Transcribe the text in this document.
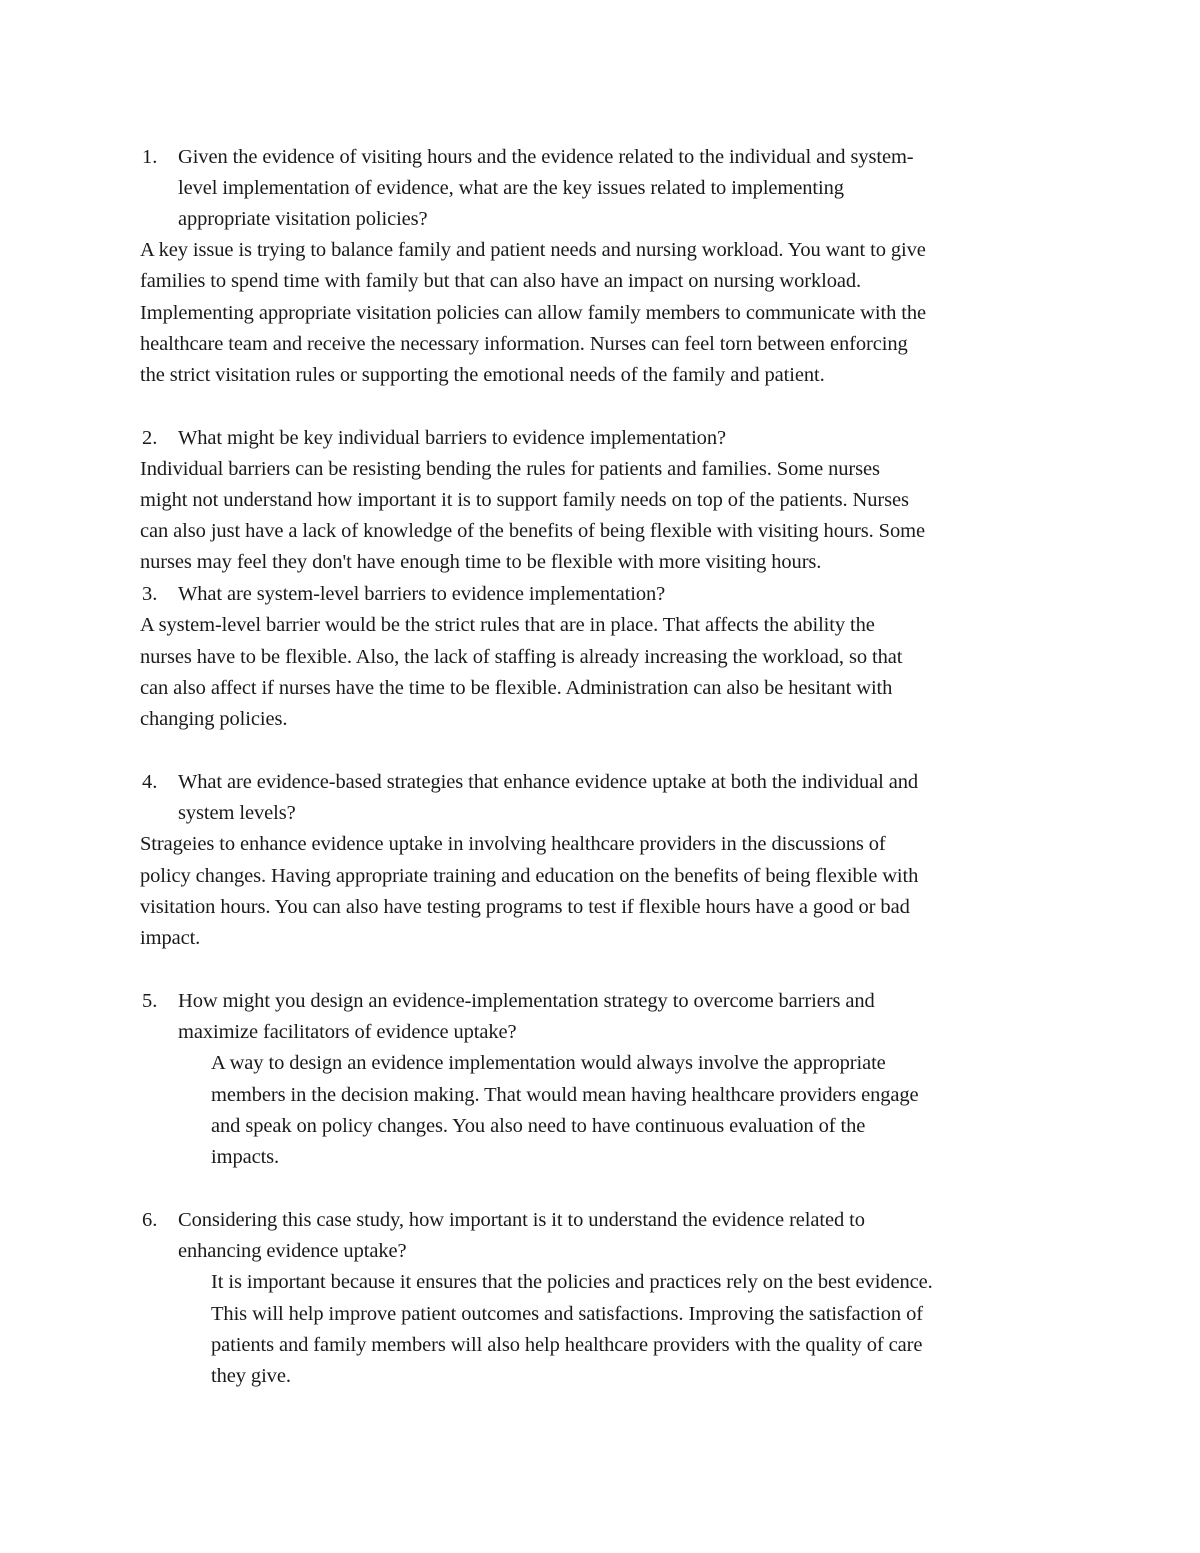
1. Given the evidence of visiting hours and the evidence related to the individual and system-
level implementation of evidence, what are the key issues related to implementing
appropriate visitation policies?
A key issue is trying to balance family and patient needs and nursing workload. You want to give
families to spend time with family but that can also have an impact on nursing workload.
Implementing appropriate visitation policies can allow family members to communicate with the
healthcare team and receive the necessary information. Nurses can feel torn between enforcing
the strict visitation rules or supporting the emotional needs of the family and patient.
2. What might be key individual barriers to evidence implementation?
Individual barriers can be resisting bending the rules for patients and families. Some nurses
might not understand how important it is to support family needs on top of the patients. Nurses
can also just have a lack of knowledge of the benefits of being flexible with visiting hours. Some
nurses may feel they don't have enough time to be flexible with more visiting hours.
3. What are system-level barriers to evidence implementation?
A system-level barrier would be the strict rules that are in place. That affects the ability the
nurses have to be flexible. Also, the lack of staffing is already increasing the workload, so that
can also affect if nurses have the time to be flexible. Administration can also be hesitant with
changing policies.
4. What are evidence-based strategies that enhance evidence uptake at both the individual and
system levels?
Strageies to enhance evidence uptake in involving healthcare providers in the discussions of
policy changes. Having appropriate training and education on the benefits of being flexible with
visitation hours. You can also have testing programs to test if flexible hours have a good or bad
impact.
5. How might you design an evidence-implementation strategy to overcome barriers and
maximize facilitators of evidence uptake?
A way to design an evidence implementation would always involve the appropriate
members in the decision making. That would mean having healthcare providers engage
and speak on policy changes. You also need to have continuous evaluation of the
impacts.
6. Considering this case study, how important is it to understand the evidence related to
enhancing evidence uptake?
It is important because it ensures that the policies and practices rely on the best evidence.
This will help improve patient outcomes and satisfactions. Improving the satisfaction of
patients and family members will also help healthcare providers with the quality of care
they give.
